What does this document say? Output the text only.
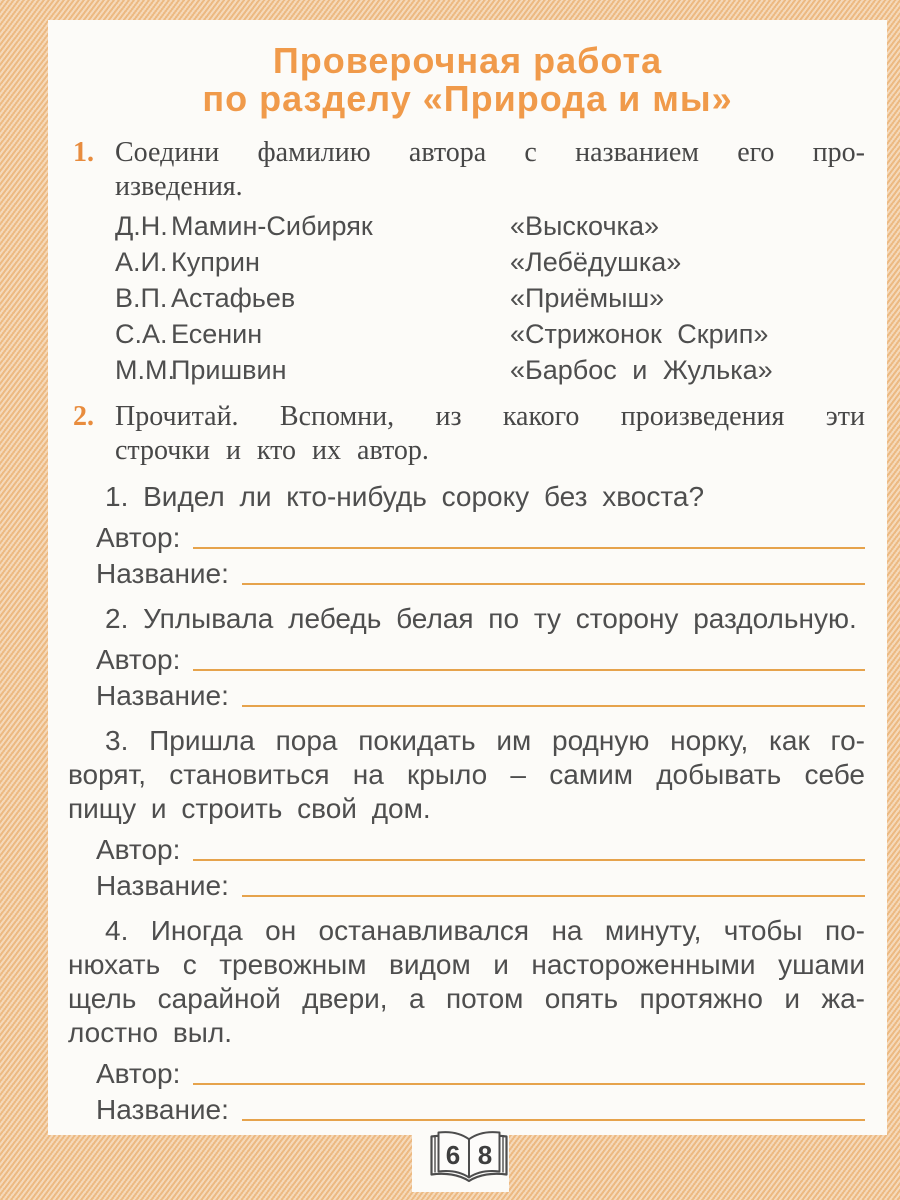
Проверочная работа
по разделу «Природа и мы»
1. Соедини фамилию автора с названием его про-
изведения.
Д.Н. Мамин-Сибиряк	«Выскочка»
А.И. Куприн	«Лебёдушка»
В.П. Астафьев	«Приёмыш»
С.А. Есенин	«Стрижонок Скрип»
М.М.Пришвин	«Барбос и Жулька»
2. Прочитай. Вспомни, из какого произведения эти
строчки и кто их автор.
1. Видел ли кто-нибудь сороку без хвоста?
Автор:
Название:
2. Уплывала лебедь белая по ту сторону раздольную.
Автор:
Название:
3. Пришла пора покидать им родную норку, как го-
ворят, становиться на крыло – самим добывать себе
пищу и строить свой дом.
Автор:
Название:
4. Иногда он останавливался на минуту, чтобы по-
нюхать с тревожным видом и настороженными ушами
щель сарайной двери, а потом опять протяжно и жа-
лостно выл.
Автор:
Название:
6 8
